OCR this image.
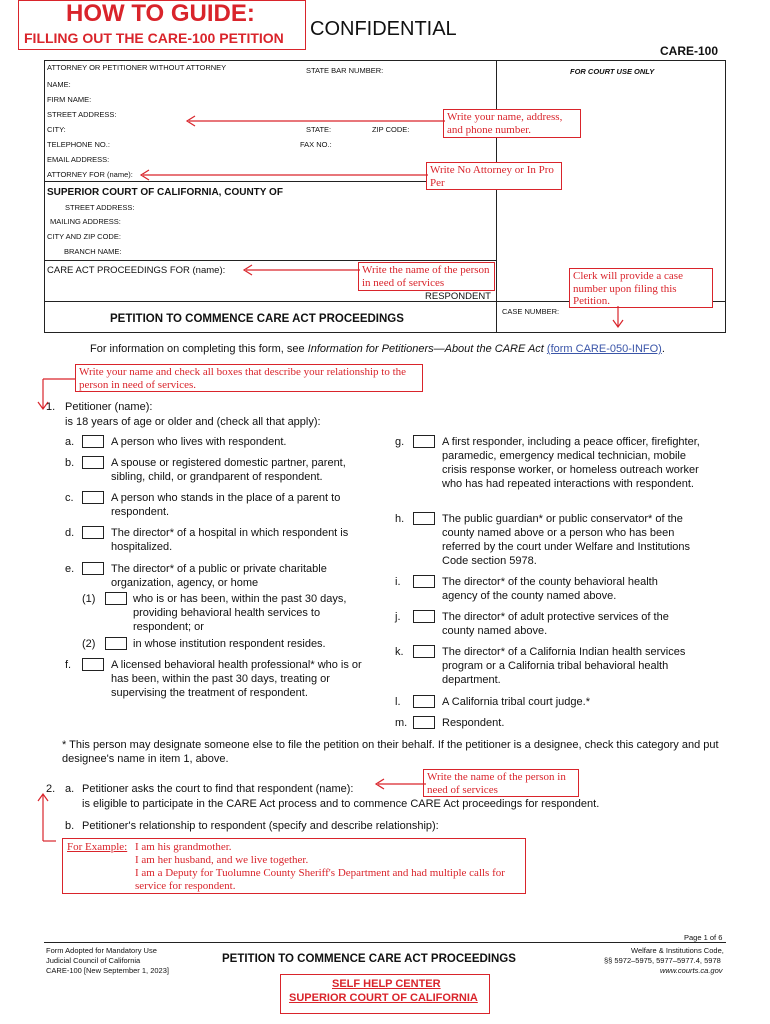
HOW TO GUIDE:
FILLING OUT THE CARE-100 PETITION CONFIDENTIAL
CARE-100
ATTORNEY OR PETITIONER WITHOUT ATTORNEY	STATE BAR NUMBER:	FOR COURT USE ONLY
NAME:
FIRM NAME:
STREET ADDRESS:
CITY:	STATE:	ZIP CODE:
TELEPHONE NO.:	FAX NO.:
EMAIL ADDRESS:
ATTORNEY FOR (name):
SUPERIOR COURT OF CALIFORNIA, COUNTY OF
STREET ADDRESS:
MAILING ADDRESS:
CITY AND ZIP CODE:
BRANCH NAME:
CARE ACT PROCEEDINGS FOR (name):
RESPONDENT
CASE NUMBER:
PETITION TO COMMENCE CARE ACT PROCEEDINGS
For information on completing this form, see Information for Petitioners—About the CARE Act (form CARE-050-INFO).
Write your name, address, and phone number.
Write No Attorney or In Pro Per
Write the name of the person in need of services
Clerk will provide a case number upon filing this Petition.
Write your name and check all boxes that describe your relationship to the person in need of services.
1. Petitioner (name):
is 18 years of age or older and (check all that apply):
a.	A person who lives with respondent.
b.	A spouse or registered domestic partner, parent, sibling, child, or grandparent of respondent.
c.	A person who stands in the place of a parent to respondent.
d.	The director* of a hospital in which respondent is hospitalized.
e.	The director* of a public or private charitable organization, agency, or home
(1)	who is or has been, within the past 30 days, providing behavioral health services to respondent; or
(2)	in whose institution respondent resides.
f.	A licensed behavioral health professional* who is or has been, within the past 30 days, treating or supervising the treatment of respondent.
g.	A first responder, including a peace officer, firefighter, paramedic, emergency medical technician, mobile crisis response worker, or homeless outreach worker who has had repeated interactions with respondent.
h.	The public guardian* or public conservator* of the county named above or a person who has been referred by the court under Welfare and Institutions Code section 5978.
i.	The director* of the county behavioral health agency of the county named above.
j.	The director* of adult protective services of the county named above.
k.	The director* of a California Indian health services program or a California tribal behavioral health department.
l.	A California tribal court judge.*
m.	Respondent.
* This person may designate someone else to file the petition on their behalf. If the petitioner is a designee, check this category and put designee's name in item 1, above.
2. a. Petitioner asks the court to find that respondent (name):
is eligible to participate in the CARE Act process and to commence CARE Act proceedings for respondent.
b. Petitioner's relationship to respondent (specify and describe relationship):
Write the name of the person in need of services
For Example: I am his grandmother.
I am her husband, and we live together.
I am a Deputy for Tuolumne County Sheriff's Department and had multiple calls for service for respondent.
Page 1 of 6
Form Adopted for Mandatory Use
Judicial Council of California
CARE-100 [New September 1, 2023]
PETITION TO COMMENCE CARE ACT PROCEEDINGS
Welfare & Institutions Code,
§§ 5972–5975, 5977–5977.4, 5978
www.courts.ca.gov
SELF HELP CENTER
SUPERIOR COURT OF CALIFORNIA
